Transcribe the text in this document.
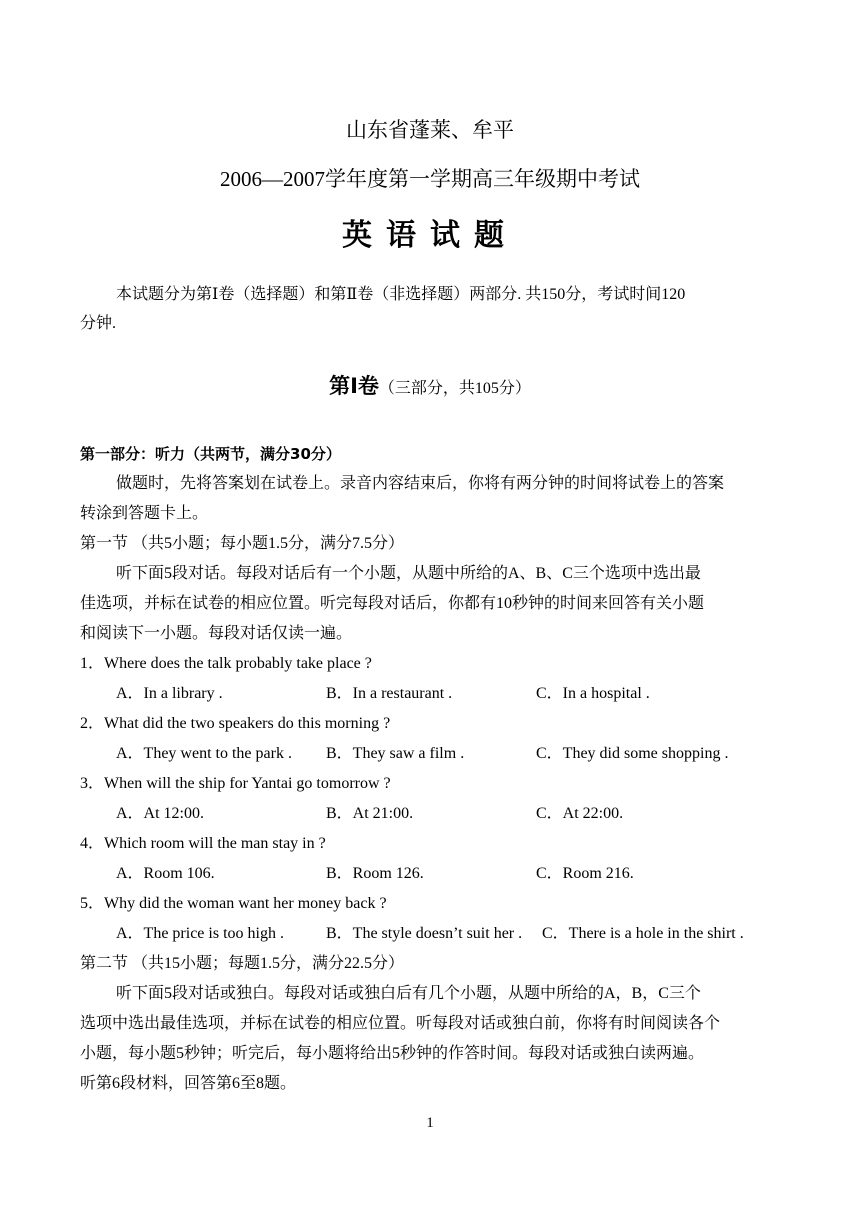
山东省蓬莱、牟平
2006—2007学年度第一学期高三年级期中考试
英语试题
本试题分为第Ⅰ卷（选择题）和第Ⅱ卷（非选择题）两部分. 共150分，考试时间120
分钟.
第Ⅰ卷（三部分，共105分）
第一部分：听力（共两节，满分30分）
做题时，先将答案划在试卷上。录音内容结束后，你将有两分钟的时间将试卷上的答案
转涂到答题卡上。
第一节 （共5小题；每小题1.5分，满分7.5分）
听下面5段对话。每段对话后有一个小题，从题中所给的A、B、C三个选项中选出最
佳选项，并标在试卷的相应位置。听完每段对话后，你都有10秒钟的时间来回答有关小题
和阅读下一小题。每段对话仅读一遍。
1．Where does the talk probably take place ?
A．In a library .	B．In a restaurant .	C．In a hospital .
2．What did the two speakers do this morning ?
A．They went to the park . B．They saw a film .	C．They did some shopping .
3．When will the ship for Yantai go tomorrow ?
A．At 12:00.	B．At 21:00.	C．At 22:00.
4．Which room will the man stay in ?
A．Room 106.	B．Room 126.	C．Room 216.
5．Why did the woman want her money back ?
A．The price is too high .	B．The style doesn’t suit her . C．There is a hole in the shirt .
第二节 （共15小题；每题1.5分，满分22.5分）
听下面5段对话或独白。每段对话或独白后有几个小题，从题中所给的A，B，C三个
选项中选出最佳选项，并标在试卷的相应位置。听每段对话或独白前，你将有时间阅读各个
小题，每小题5秒钟；听完后，每小题将给出5秒钟的作答时间。每段对话或独白读两遍。
听第6段材料，回答第6至8题。
1
